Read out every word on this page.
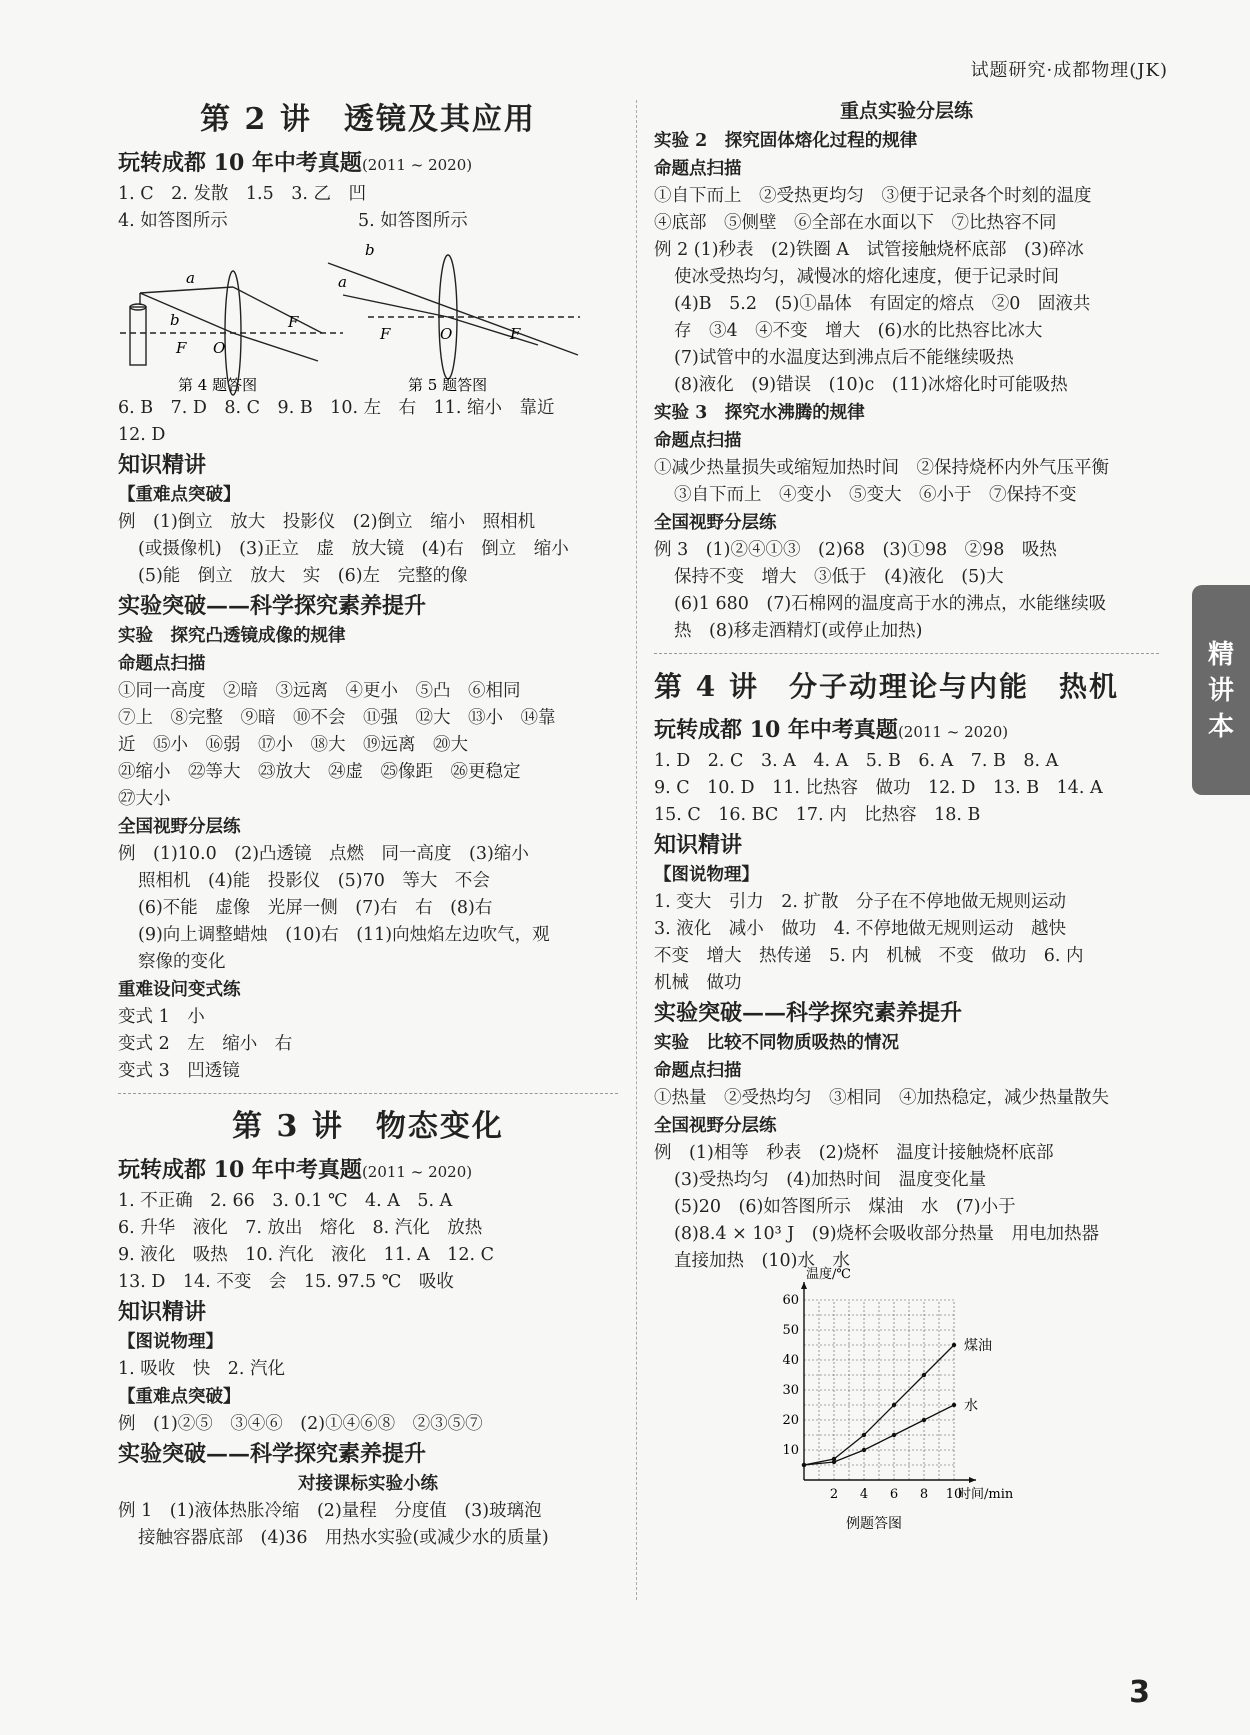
试题研究·成都物理(JK)
第 2 讲　透镜及其应用
玩转成都 10 年中考真题(2011 ~ 2020)
1. C　2. 发散　1.5　3. 乙　凹
4. 如答图所示	5. 如答图所示
a
b
F O
F
b
a
F	O	F
第 4 题答图	第 5 题答图
6. B　7. D　8. C　9. B　10. 左　右　11. 缩小　靠近
12. D
知识精讲
【重难点突破】
例　(1)倒立　放大　投影仪　(2)倒立　缩小　照相机
(或摄像机)　(3)正立　虚　放大镜　(4)右　倒立　缩小
(5)能　倒立　放大　实　(6)左　完整的像
实验突破——科学探究素养提升
实验　探究凸透镜成像的规律
命题点扫描
①同一高度　②暗　③远离　④更小　⑤凸　⑥相同
⑦上　⑧完整　⑨暗　⑩不会　⑪强　⑫大　⑬小　⑭靠
近　⑮小　⑯弱　⑰小　⑱大　⑲远离　⑳大
㉑缩小　㉒等大　㉓放大　㉔虚　㉕像距　㉖更稳定
㉗大小
全国视野分层练
例　(1)10.0　(2)凸透镜　点燃　同一高度　(3)缩小
照相机　(4)能　投影仪　(5)70　等大　不会
(6)不能　虚像　光屏一侧　(7)右　右　(8)右
(9)向上调整蜡烛　(10)右　(11)向烛焰左边吹气，观
察像的变化
重难设问变式练
变式 1　小
变式 2　左　缩小　右
变式 3　凹透镜
第 3 讲　物态变化
玩转成都 10 年中考真题(2011 ~ 2020)
1. 不正确　2. 66　3. 0.1 ℃　4. A　5. A
6. 升华　液化　7. 放出　熔化　8. 汽化　放热
9. 液化　吸热　10. 汽化　液化　11. A　12. C
13. D　14. 不变　会　15. 97.5 ℃　吸收
知识精讲
【图说物理】
1. 吸收　快　2. 汽化
【重难点突破】
例　(1)②⑤　③④⑥　(2)①④⑥⑧　②③⑤⑦
实验突破——科学探究素养提升
对接课标实验小练
例 1　(1)液体热胀冷缩　(2)量程　分度值　(3)玻璃泡
接触容器底部　(4)36　用热水实验(或减少水的质量)
重点实验分层练
实验 2　探究固体熔化过程的规律
命题点扫描
①自下而上　②受热更均匀　③便于记录各个时刻的温度
④底部　⑤侧壁　⑥全部在水面以下　⑦比热容不同
例 2 (1)秒表　(2)铁圈 A　试管接触烧杯底部　(3)碎冰
使冰受热均匀，减慢冰的熔化速度，便于记录时间
(4)B　5.2　(5)①晶体　有固定的熔点　②0　固液共
存　③4　④不变　增大　(6)水的比热容比冰大
(7)试管中的水温度达到沸点后不能继续吸热
(8)液化　(9)错误　(10)c　(11)冰熔化时可能吸热
实验 3　探究水沸腾的规律
命题点扫描
①减少热量损失或缩短加热时间　②保持烧杯内外气压平衡
③自下而上　④变小　⑤变大　⑥小于　⑦保持不变
全国视野分层练
例 3　(1)②④①③　(2)68　(3)①98　②98　吸热
保持不变　增大　③低于　(4)液化　(5)大
(6)1 680　(7)石棉网的温度高于水的沸点，水能继续吸
热　(8)移走酒精灯(或停止加热)
第 4 讲　分子动理论与内能　热机
玩转成都 10 年中考真题(2011 ~ 2020)
1. D　2. C　3. A　4. A　5. B　6. A　7. B　8. A
9. C　10. D　11. 比热容　做功　12. D　13. B　14. A
15. C　16. BC　17. 内　比热容　18. B
知识精讲
【图说物理】
1. 变大　引力　2. 扩散　分子在不停地做无规则运动
3. 液化　减小　做功　4. 不停地做无规则运动　越快
不变　增大　热传递　5. 内　机械　不变　做功　6. 内
机械　做功
实验突破——科学探究素养提升
实验　比较不同物质吸热的情况
命题点扫描
①热量　②受热均匀　③相同　④加热稳定，减少热量散失
全国视野分层练
例　(1)相等　秒表　(2)烧杯　温度计接触烧杯底部
(3)受热均匀　(4)加热时间　温度变化量
(5)20　(6)如答图所示　煤油　水　(7)小于
(8)8.4 × 10³ J　(9)烧杯会吸收部分热量　用电加热器
直接加热　(10)水　水
2 4 6 8 10
10
20
30
40
50
60
时间/min
温度/℃
煤油
水
例题答图
精
讲
本
3
